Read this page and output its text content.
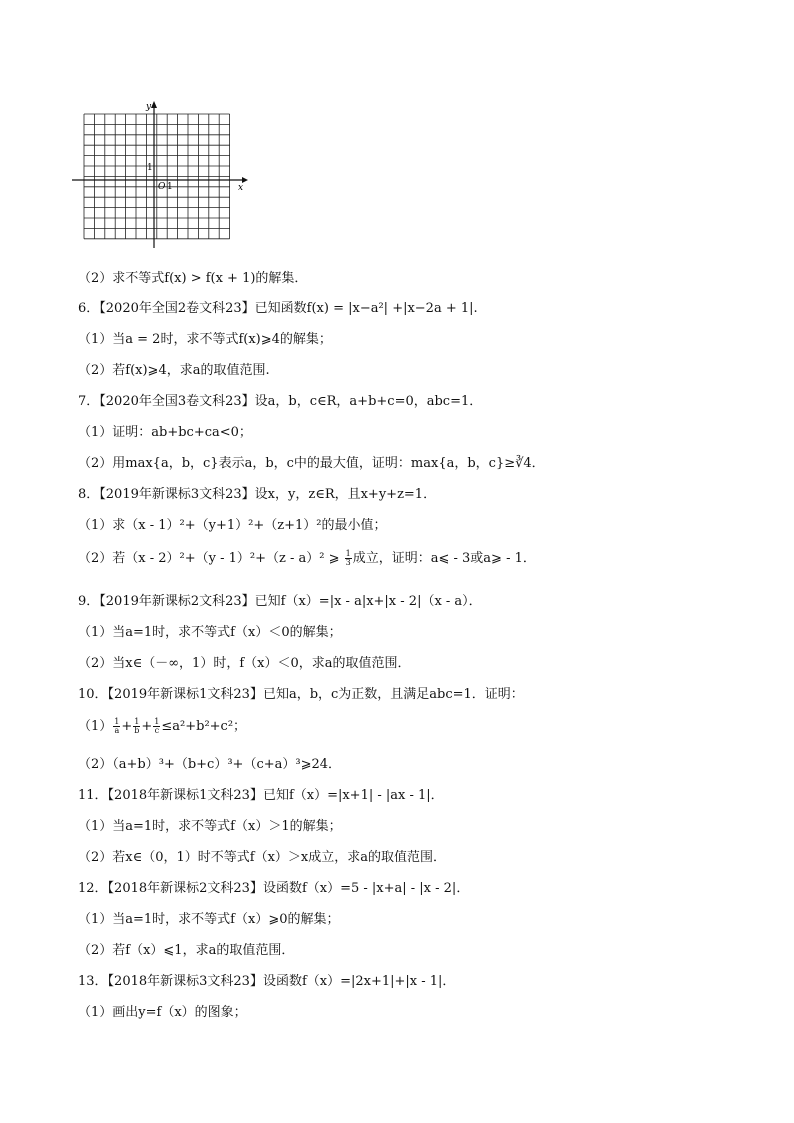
y
x
O 1
1
（2）求不等式f(x) > f(x + 1)的解集．
6．【2020年全国2卷文科23】已知函数f(x) = |x−a²| +|x−2a + 1|.
（1）当a = 2时，求不等式f(x)⩾4的解集；
（2）若f(x)⩾4，求a的取值范围.
7．【2020年全国3卷文科23】设a，b，c∈R，a+b+c=0，abc=1．
（1）证明：ab+bc+ca<0；
（2）用max{a，b，c}表示a，b，c中的最大值，证明：max{a，b，c}≥∛4．
8．【2019年新课标3文科23】设x，y，z∈R，且x+y+z=1．
（1）求（x - 1）²+（y+1）²+（z+1）²的最小值；
（2）若（x - 2）²+（y - 1）²+（z - a）² ⩾ $\frac{1}{3}$ 成立，证明：a⩽ - 3或a⩾ - 1．
9．【2019年新课标2文科23】已知f（x）=|x - a|x+|x - 2|（x - a）．
（1）当a=1时，求不等式f（x）＜0的解集；
（2）当x∈（－∞，1）时，f（x）＜0，求a的取值范围．
10．【2019年新课标1文科23】已知a，b，c为正数，且满足abc=1．证明：
$(1) \frac{1}{a} + \frac{1}{b} + \frac{1}{c} \le a^2+b^2+c^2$；
（2）（a+b）³+（b+c）³+（c+a）³⩾24．
11．【2018年新课标1文科23】已知f（x）=|x+1| - |ax - 1|．
（1）当a=1时，求不等式f（x）＞1的解集；
（2）若x∈（0，1）时不等式f（x）＞x成立，求a的取值范围．
12．【2018年新课标2文科23】设函数f（x）=5 - |x+a| - |x - 2|．
（1）当a=1时，求不等式f（x）⩾0的解集；
（2）若f（x）⩽1，求a的取值范围．
13．【2018年新课标3文科23】设函数f（x）=|2x+1|+|x - 1|．
（1）画出y=f（x）的图象；
